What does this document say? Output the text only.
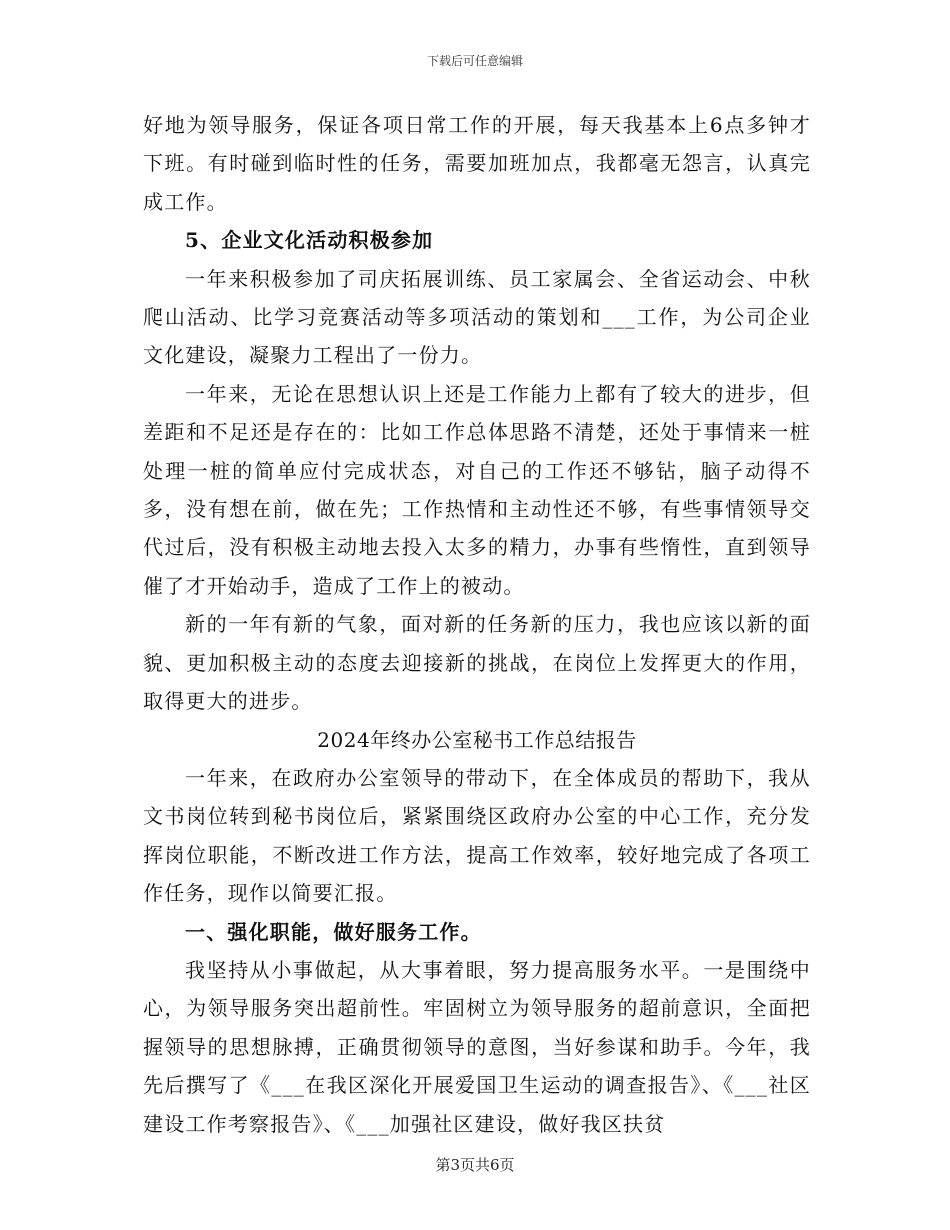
下载后可任意编辑

好地为领导服务，保证各项日常工作的开展，每天我基本上6点多钟才下班。有时碰到临时性的任务，需要加班加点，我都毫无怨言，认真完成工作。

5、企业文化活动积极参加

一年来积极参加了司庆拓展训练、员工家属会、全省运动会、中秋爬山活动、比学习竞赛活动等多项活动的策划和___工作，为公司企业文化建设，凝聚力工程出了一份力。

一年来，无论在思想认识上还是工作能力上都有了较大的进步，但差距和不足还是存在的：比如工作总体思路不清楚，还处于事情来一桩处理一桩的简单应付完成状态，对自己的工作还不够钻，脑子动得不多，没有想在前，做在先；工作热情和主动性还不够，有些事情领导交代过后，没有积极主动地去投入太多的精力，办事有些惰性，直到领导催了才开始动手，造成了工作上的被动。

新的一年有新的气象，面对新的任务新的压力，我也应该以新的面貌、更加积极主动的态度去迎接新的挑战，在岗位上发挥更大的作用，取得更大的进步。

2024年终办公室秘书工作总结报告

一年来，在政府办公室领导的带动下，在全体成员的帮助下，我从文书岗位转到秘书岗位后，紧紧围绕区政府办公室的中心工作，充分发挥岗位职能，不断改进工作方法，提高工作效率，较好地完成了各项工作任务，现作以简要汇报。

一、强化职能，做好服务工作。

我坚持从小事做起，从大事着眼，努力提高服务水平。一是围绕中心，为领导服务突出超前性。牢固树立为领导服务的超前意识，全面把握领导的思想脉搏，正确贯彻领导的意图，当好参谋和助手。今年，我先后撰写了《___在我区深化开展爱国卫生运动的调查报告》、《___社区建设工作考察报告》、《___加强社区建设，做好我区扶贫

第3页共6页
